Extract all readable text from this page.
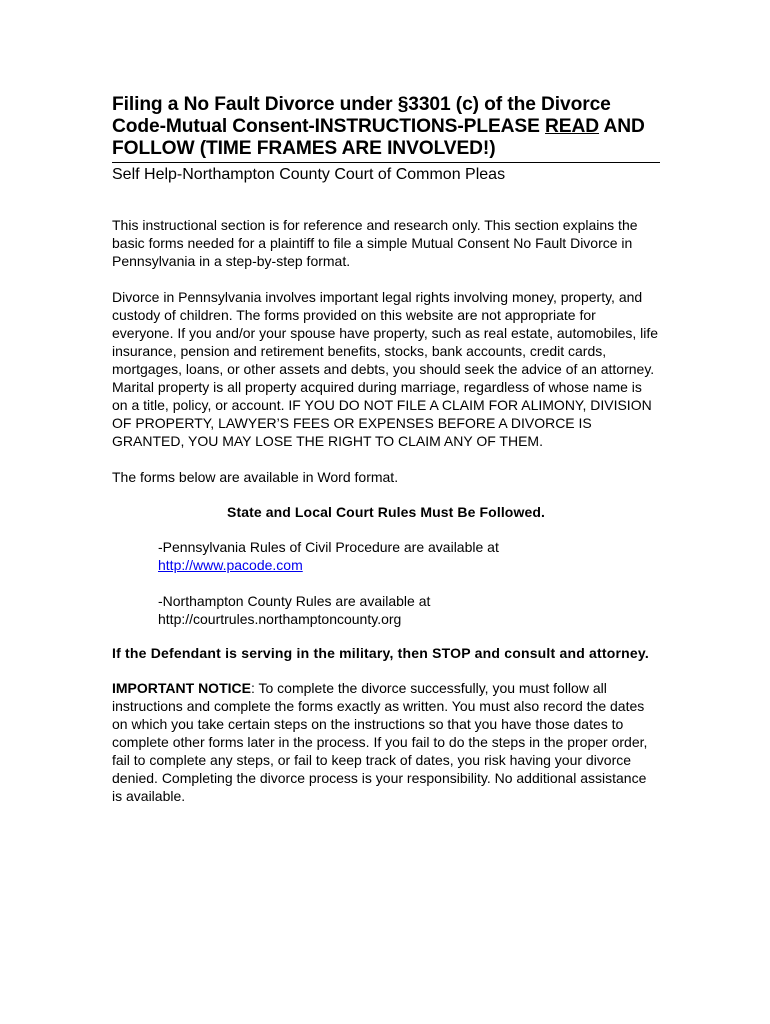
Filing a No Fault Divorce under §3301 (c) of the Divorce Code-Mutual Consent-INSTRUCTIONS-PLEASE READ AND FOLLOW (TIME FRAMES ARE INVOLVED!)

Self Help-Northampton County Court of Common Pleas

This instructional section is for reference and research only. This section explains the basic forms needed for a plaintiff to file a simple Mutual Consent No Fault Divorce in Pennsylvania in a step-by-step format.

Divorce in Pennsylvania involves important legal rights involving money, property, and custody of children. The forms provided on this website are not appropriate for everyone. If you and/or your spouse have property, such as real estate, automobiles, life insurance, pension and retirement benefits, stocks, bank accounts, credit cards, mortgages, loans, or other assets and debts, you should seek the advice of an attorney. Marital property is all property acquired during marriage, regardless of whose name is on a title, policy, or account. IF YOU DO NOT FILE A CLAIM FOR ALIMONY, DIVISION OF PROPERTY, LAWYER’S FEES OR EXPENSES BEFORE A DIVORCE IS GRANTED, YOU MAY LOSE THE RIGHT TO CLAIM ANY OF THEM.

The forms below are available in Word format.

State and Local Court Rules Must Be Followed.

-Pennsylvania Rules of Civil Procedure are available at
http://www.pacode.com
-Northampton County Rules are available at
http://courtrules.northamptoncounty.org

If the Defendant is serving in the military, then STOP and consult and attorney.

IMPORTANT NOTICE: To complete the divorce successfully, you must follow all instructions and complete the forms exactly as written. You must also record the dates on which you take certain steps on the instructions so that you have those dates to complete other forms later in the process. If you fail to do the steps in the proper order, fail to complete any steps, or fail to keep track of dates, you risk having your divorce denied. Completing the divorce process is your responsibility. No additional assistance is available.
